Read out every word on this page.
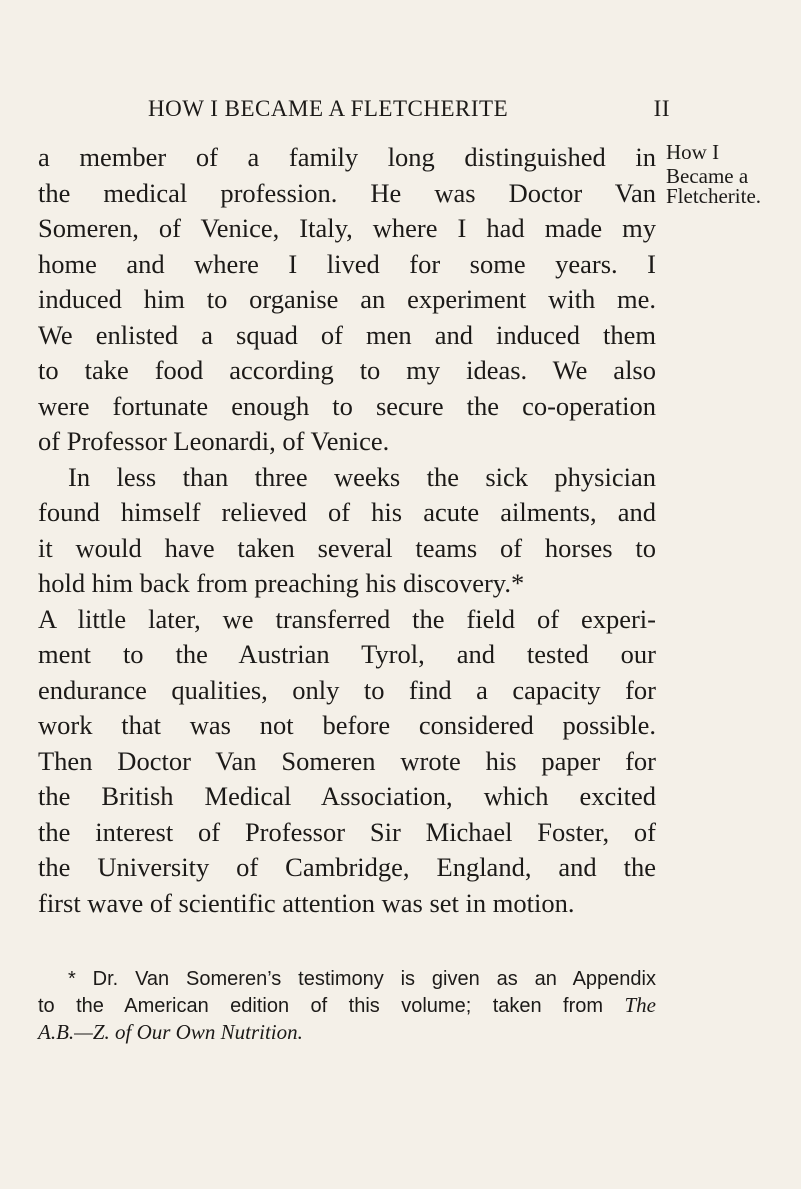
HOW I BECAME A FLETCHERITE	II
How I
Became a
Fletcherite.
a member of a family long distinguished in
the medical profession. He was Doctor Van
Someren, of Venice, Italy, where I had made my
home and where I lived for some years. I
induced him to organise an experiment with me.
We enlisted a squad of men and induced them
to take food according to my ideas. We also
were fortunate enough to secure the co-operation
of Professor Leonardi, of Venice.
In less than three weeks the sick physician
found himself relieved of his acute ailments, and
it would have taken several teams of horses to
hold him back from preaching his discovery.*
A little later, we transferred the field of experi-
ment to the Austrian Tyrol, and tested our
endurance qualities, only to find a capacity for
work that was not before considered possible.
Then Doctor Van Someren wrote his paper for
the British Medical Association, which excited
the interest of Professor Sir Michael Foster, of
the University of Cambridge, England, and the
first wave of scientific attention was set in motion.
* Dr. Van Someren’s testimony is given as an Appendix
to the American edition of this volume; taken from The
A.B.—Z. of Our Own Nutrition.
